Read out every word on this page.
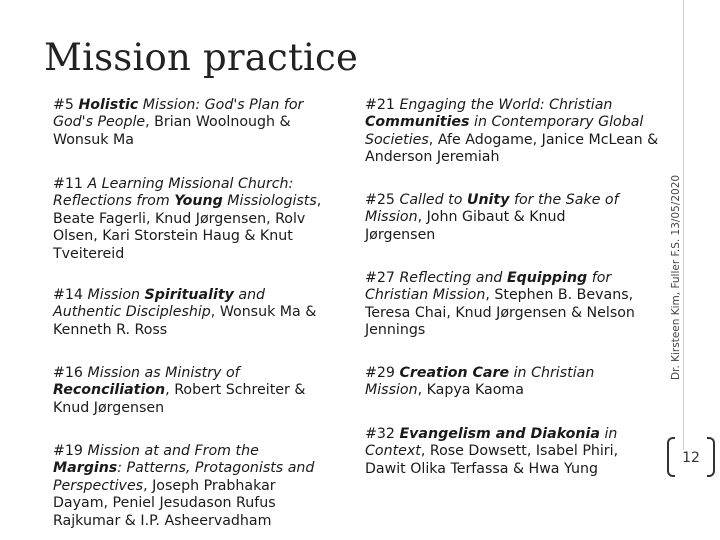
Mission practice
#5 Holistic Mission: God's Plan for God's People, Brian Woolnough & Wonsuk Ma
#11 A Learning Missional Church: Reflections from Young Missiologists, Beate Fagerli, Knud Jørgensen, Rolv Olsen, Kari Storstein Haug & Knut Tveitereid
#14 Mission Spirituality and Authentic Discipleship, Wonsuk Ma & Kenneth R. Ross
#16 Mission as Ministry of Reconciliation, Robert Schreiter & Knud Jørgensen
#19 Mission at and From the Margins: Patterns, Protagonists and Perspectives, Joseph Prabhakar Dayam, Peniel Jesudason Rufus Rajkumar & I.P. Asheervadham
#21 Engaging the World: Christian Communities in Contemporary Global Societies, Afe Adogame, Janice McLean & Anderson Jeremiah
#25 Called to Unity for the Sake of Mission, John Gibaut & Knud Jørgensen
#27 Reflecting and Equipping for Christian Mission, Stephen B. Bevans, Teresa Chai, Knud Jørgensen & Nelson Jennings
#29 Creation Care in Christian Mission, Kapya Kaoma
#32 Evangelism and Diakonia in Context, Rose Dowsett, Isabel Phiri, Dawit Olika Terfassa & Hwa Yung
Dr. Kirsteen Kim, Fuller F.S. 13/05/2020
12
